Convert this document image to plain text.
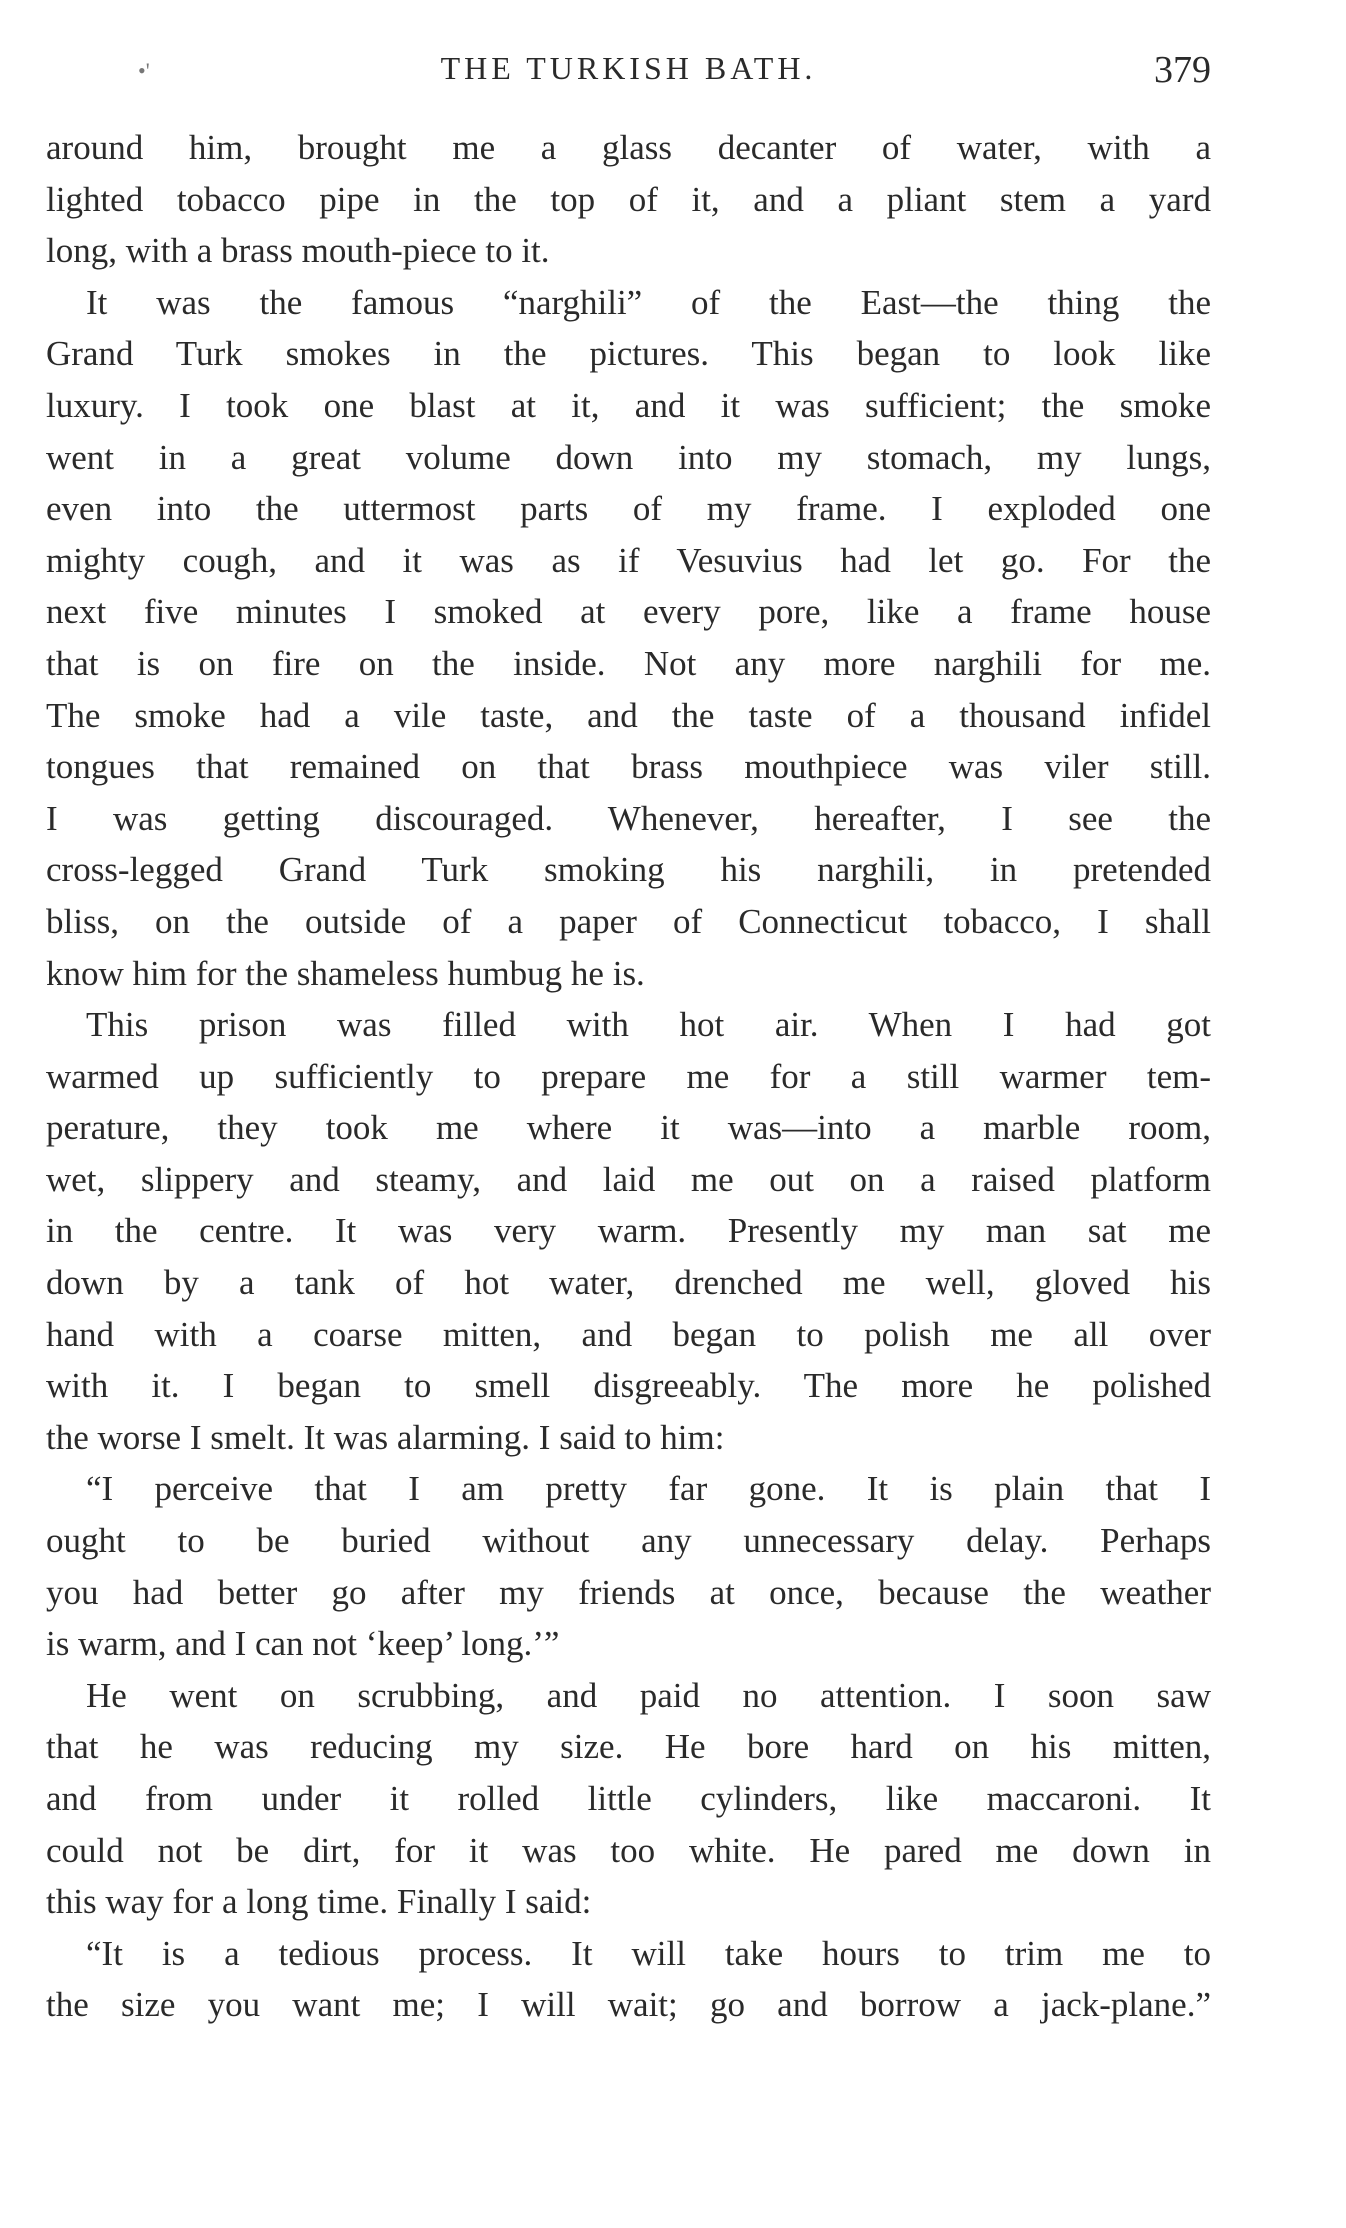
•'	THE TURKISH BATH.	379
around him, brought me a glass decanter of water, with a
lighted tobacco pipe in the top of it, and a pliant stem a yard
long, with a brass mouth-piece to it.
It was the famous “narghili” of the East—the thing the
Grand Turk smokes in the pictures. This began to look like
luxury. I took one blast at it, and it was sufficient; the smoke
went in a great volume down into my stomach, my lungs,
even into the uttermost parts of my frame. I exploded one
mighty cough, and it was as if Vesuvius had let go. For the
next five minutes I smoked at every pore, like a frame house
that is on fire on the inside. Not any more narghili for me.
The smoke had a vile taste, and the taste of a thousand infidel
tongues that remained on that brass mouthpiece was viler still.
I was getting discouraged. Whenever, hereafter, I see the
cross-legged Grand Turk smoking his narghili, in pretended
bliss, on the outside of a paper of Connecticut tobacco, I shall
know him for the shameless humbug he is.
This prison was filled with hot air. When I had got
warmed up sufficiently to prepare me for a still warmer tem-
perature, they took me where it was—into a marble room,
wet, slippery and steamy, and laid me out on a raised platform
in the centre. It was very warm. Presently my man sat me
down by a tank of hot water, drenched me well, gloved his
hand with a coarse mitten, and began to polish me all over
with it. I began to smell disgreeably. The more he polished
the worse I smelt. It was alarming. I said to him:
“I perceive that I am pretty far gone. It is plain that I
ought to be buried without any unnecessary delay. Perhaps
you had better go after my friends at once, because the weather
is warm, and I can not ‘keep’ long.’”
He went on scrubbing, and paid no attention. I soon saw
that he was reducing my size. He bore hard on his mitten,
and from under it rolled little cylinders, like maccaroni. It
could not be dirt, for it was too white. He pared me down in
this way for a long time. Finally I said:
“It is a tedious process. It will take hours to trim me to
the size you want me; I will wait; go and borrow a jack-plane.”
